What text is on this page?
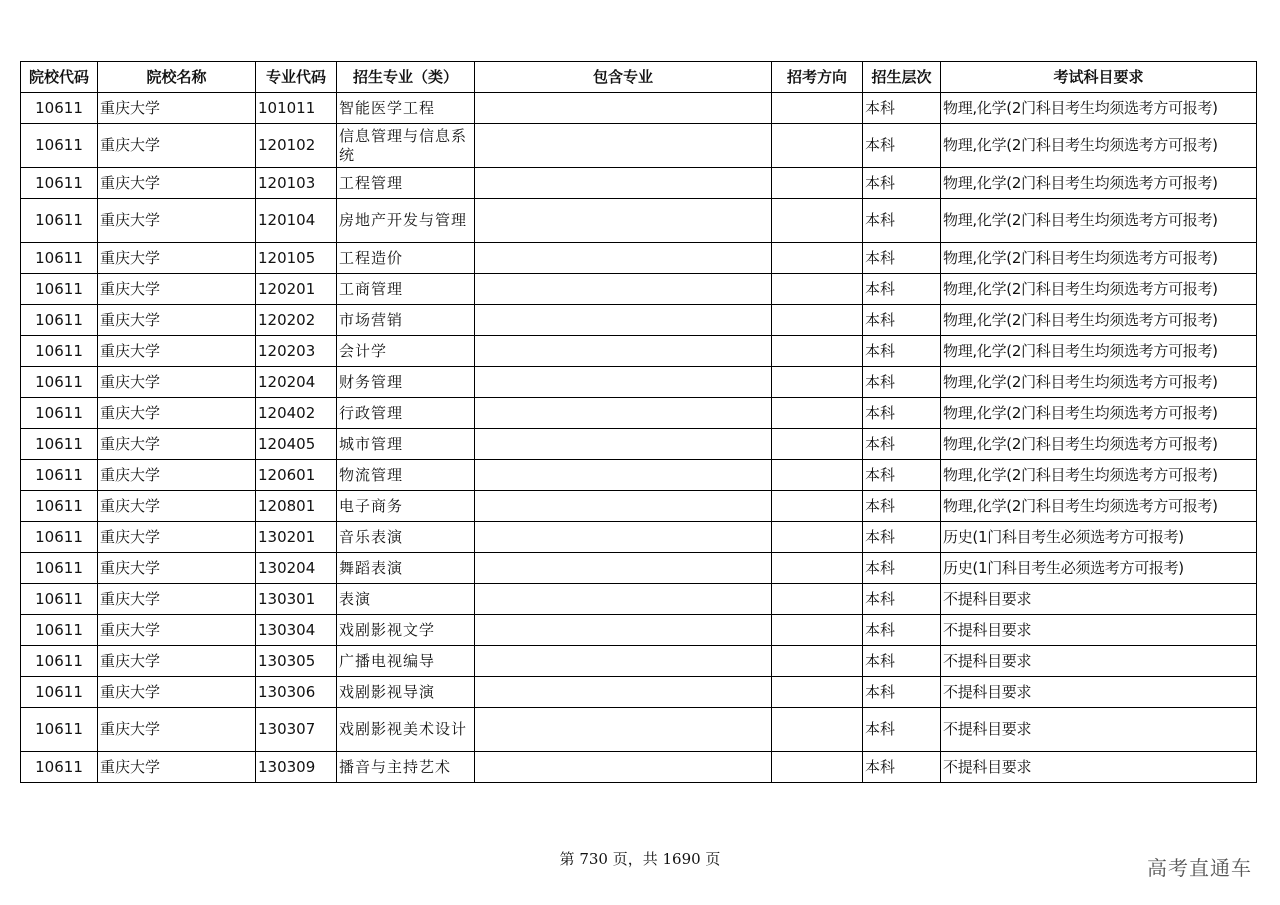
院校代码	院校名称	专业代码	招生专业（类）	包含专业	招考方向	招生层次	考试科目要求
10611	重庆大学	101011	智能医学工程			本科	物理,化学(2门科目考生均须选考方可报考)
10611	重庆大学	120102	信息管理与信息系统			本科	物理,化学(2门科目考生均须选考方可报考)
10611	重庆大学	120103	工程管理			本科	物理,化学(2门科目考生均须选考方可报考)
10611	重庆大学	120104	房地产开发与管理			本科	物理,化学(2门科目考生均须选考方可报考)
10611	重庆大学	120105	工程造价			本科	物理,化学(2门科目考生均须选考方可报考)
10611	重庆大学	120201	工商管理			本科	物理,化学(2门科目考生均须选考方可报考)
10611	重庆大学	120202	市场营销			本科	物理,化学(2门科目考生均须选考方可报考)
10611	重庆大学	120203	会计学			本科	物理,化学(2门科目考生均须选考方可报考)
10611	重庆大学	120204	财务管理			本科	物理,化学(2门科目考生均须选考方可报考)
10611	重庆大学	120402	行政管理			本科	物理,化学(2门科目考生均须选考方可报考)
10611	重庆大学	120405	城市管理			本科	物理,化学(2门科目考生均须选考方可报考)
10611	重庆大学	120601	物流管理			本科	物理,化学(2门科目考生均须选考方可报考)
10611	重庆大学	120801	电子商务			本科	物理,化学(2门科目考生均须选考方可报考)
10611	重庆大学	130201	音乐表演			本科	历史(1门科目考生必须选考方可报考)
10611	重庆大学	130204	舞蹈表演			本科	历史(1门科目考生必须选考方可报考)
10611	重庆大学	130301	表演			本科	不提科目要求
10611	重庆大学	130304	戏剧影视文学			本科	不提科目要求
10611	重庆大学	130305	广播电视编导			本科	不提科目要求
10611	重庆大学	130306	戏剧影视导演			本科	不提科目要求
10611	重庆大学	130307	戏剧影视美术设计			本科	不提科目要求
10611	重庆大学	130309	播音与主持艺术			本科	不提科目要求
第 730 页，共 1690 页	高考直通车
